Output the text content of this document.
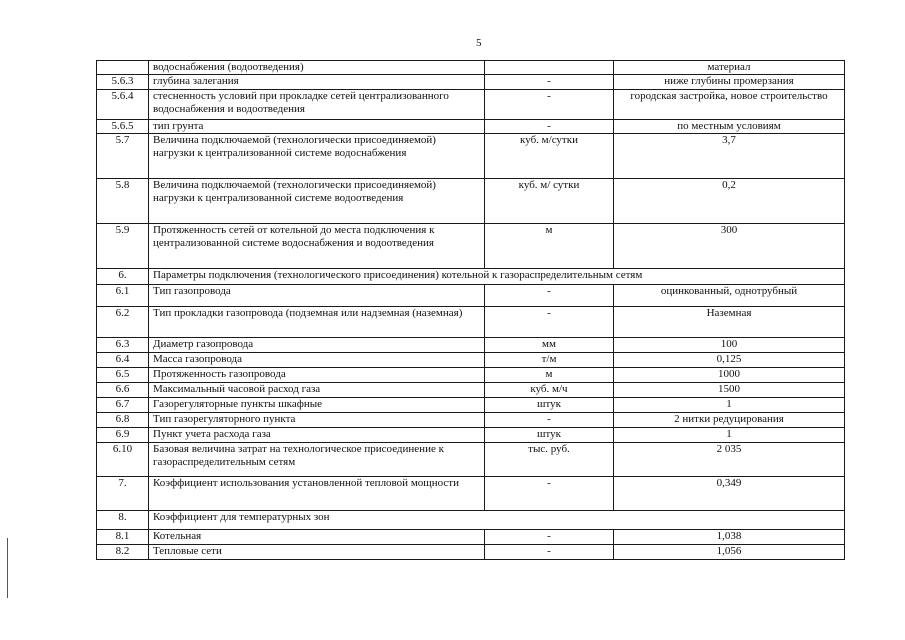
5
	водоснабжения (водоотведения)		материал
5.6.3	глубина залегания	-	ниже глубины промерзания
5.6.4	стесненность условий при прокладке сетей централизованного водоснабжения и водоотведения	-	городская застройка, новое строительство
5.6.5	тип грунта	-	по местным условиям
5.7	Величина подключаемой (технологически присоединяемой) нагрузки к централизованной системе водоснабжения	куб. м/сутки	3,7
5.8	Величина подключаемой (технологически присоединяемой) нагрузки к централизованной системе водоотведения	куб. м/ сутки	0,2
5.9	Протяженность сетей от котельной до места подключения к централизованной системе водоснабжения и водоотведения	м	300
6.	Параметры подключения (технологического присоединения) котельной к газораспределительным сетям		
6.1	Тип газопровода	-	оцинкованный, однотрубный
6.2	Тип прокладки газопровода (подземная или надземная (наземная)	-	Наземная
6.3	Диаметр газопровода	мм	100
6.4	Масса газопровода	т/м	0,125
6.5	Протяженность газопровода	м	1000
6.6	Максимальный часовой расход газа	куб. м/ч	1500
6.7	Газорегуляторные пункты шкафные	штук	1
6.8	Тип газорегуляторного пункта	-	2 нитки редуцирования
6.9	Пункт учета расхода газа	штук	1
6.10	Базовая величина затрат на технологическое присоединение к газораспределительным сетям	тыс. руб.	2 035
7.	Коэффициент использования установленной тепловой мощности	-	0,349
8.	Коэффициент для температурных зон		
8.1	Котельная	-	1,038
8.2	Тепловые сети	-	1,056
